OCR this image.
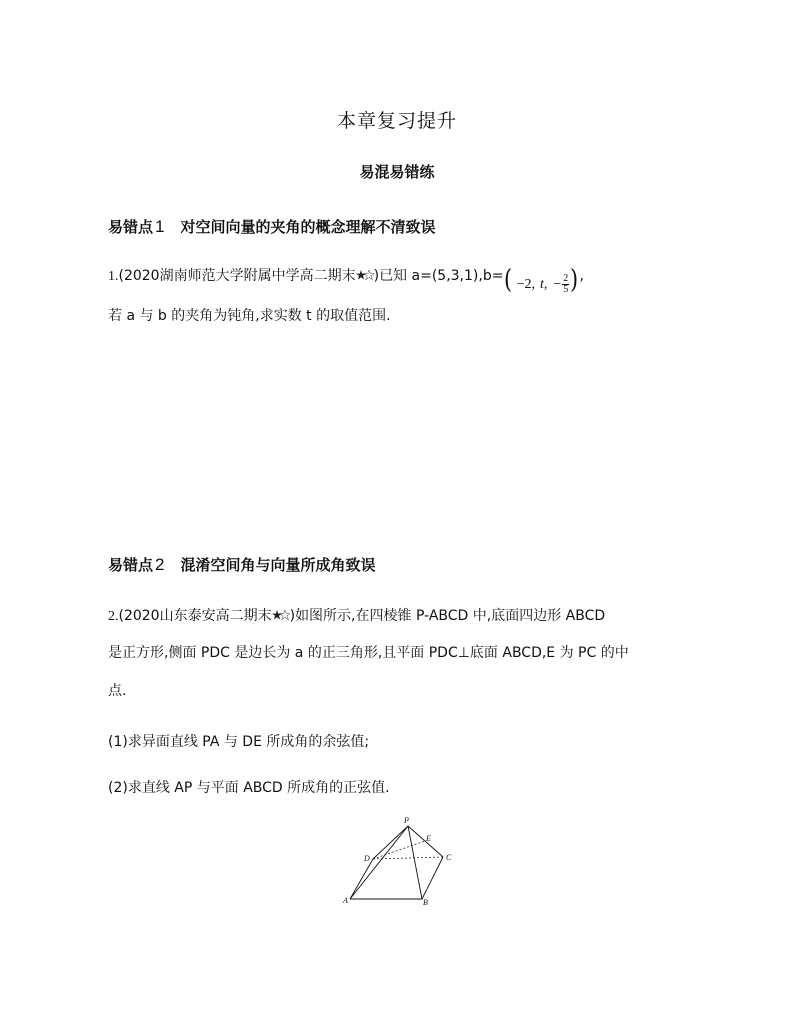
本章复习提升
易混易错练
易错点 1 对空间向量的夹角的概念理解不清致误
1.(2020湖南师范大学附属中学高二期末 )已知 a=(5,3,1),b=( −2, t, − $\frac{2}{5}$ ),
若 a 与 b 的夹角为钝角,求实数 t 的取值范围.
易错点 2 混淆空间角与向量所成角致误
2.(2020山东泰安高二期末 )如图所示,在四棱锥 P-ABCD 中,底面四边形 ABCD
是正方形,侧面 PDC 是边长为 a 的正三角形,且平面 PDC⊥底面 ABCD,E 为 PC 的中
点.
(1)求异面直线 PA 与 DE 所成角的余弦值;
(2)求直线 AP 与平面 ABCD 所成角的正弦值.
P
E
D	C
A	B
